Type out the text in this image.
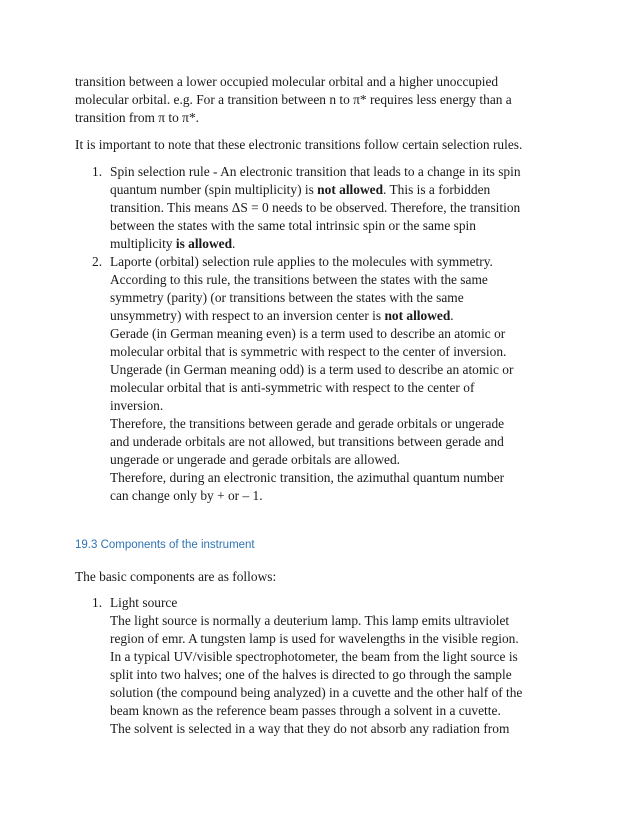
transition between a lower occupied molecular orbital and a higher unoccupied
molecular orbital. e.g. For a transition between n to π* requires less energy than a
transition from π to π*.

It is important to note that these electronic transitions follow certain selection rules.

1. Spin selection rule - An electronic transition that leads to a change in its spin
quantum number (spin multiplicity) is not allowed. This is a forbidden
transition. This means ΔS = 0 needs to be observed. Therefore, the transition
between the states with the same total intrinsic spin or the same spin
multiplicity is allowed.
2. Laporte (orbital) selection rule applies to the molecules with symmetry.
According to this rule, the transitions between the states with the same
symmetry (parity) (or transitions between the states with the same
unsymmetry) with respect to an inversion center is not allowed.
Gerade (in German meaning even) is a term used to describe an atomic or
molecular orbital that is symmetric with respect to the center of inversion.
Ungerade (in German meaning odd) is a term used to describe an atomic or
molecular orbital that is anti-symmetric with respect to the center of
inversion.
Therefore, the transitions between gerade and gerade orbitals or ungerade
and underade orbitals are not allowed, but transitions between gerade and
ungerade or ungerade and gerade orbitals are allowed.
Therefore, during an electronic transition, the azimuthal quantum number
can change only by + or – 1.
19.3 Components of the instrument

The basic components are as follows:

1. Light source
The light source is normally a deuterium lamp. This lamp emits ultraviolet
region of emr. A tungsten lamp is used for wavelengths in the visible region.
In a typical UV/visible spectrophotometer, the beam from the light source is
split into two halves; one of the halves is directed to go through the sample
solution (the compound being analyzed) in a cuvette and the other half of the
beam known as the reference beam passes through a solvent in a cuvette.
The solvent is selected in a way that they do not absorb any radiation from
